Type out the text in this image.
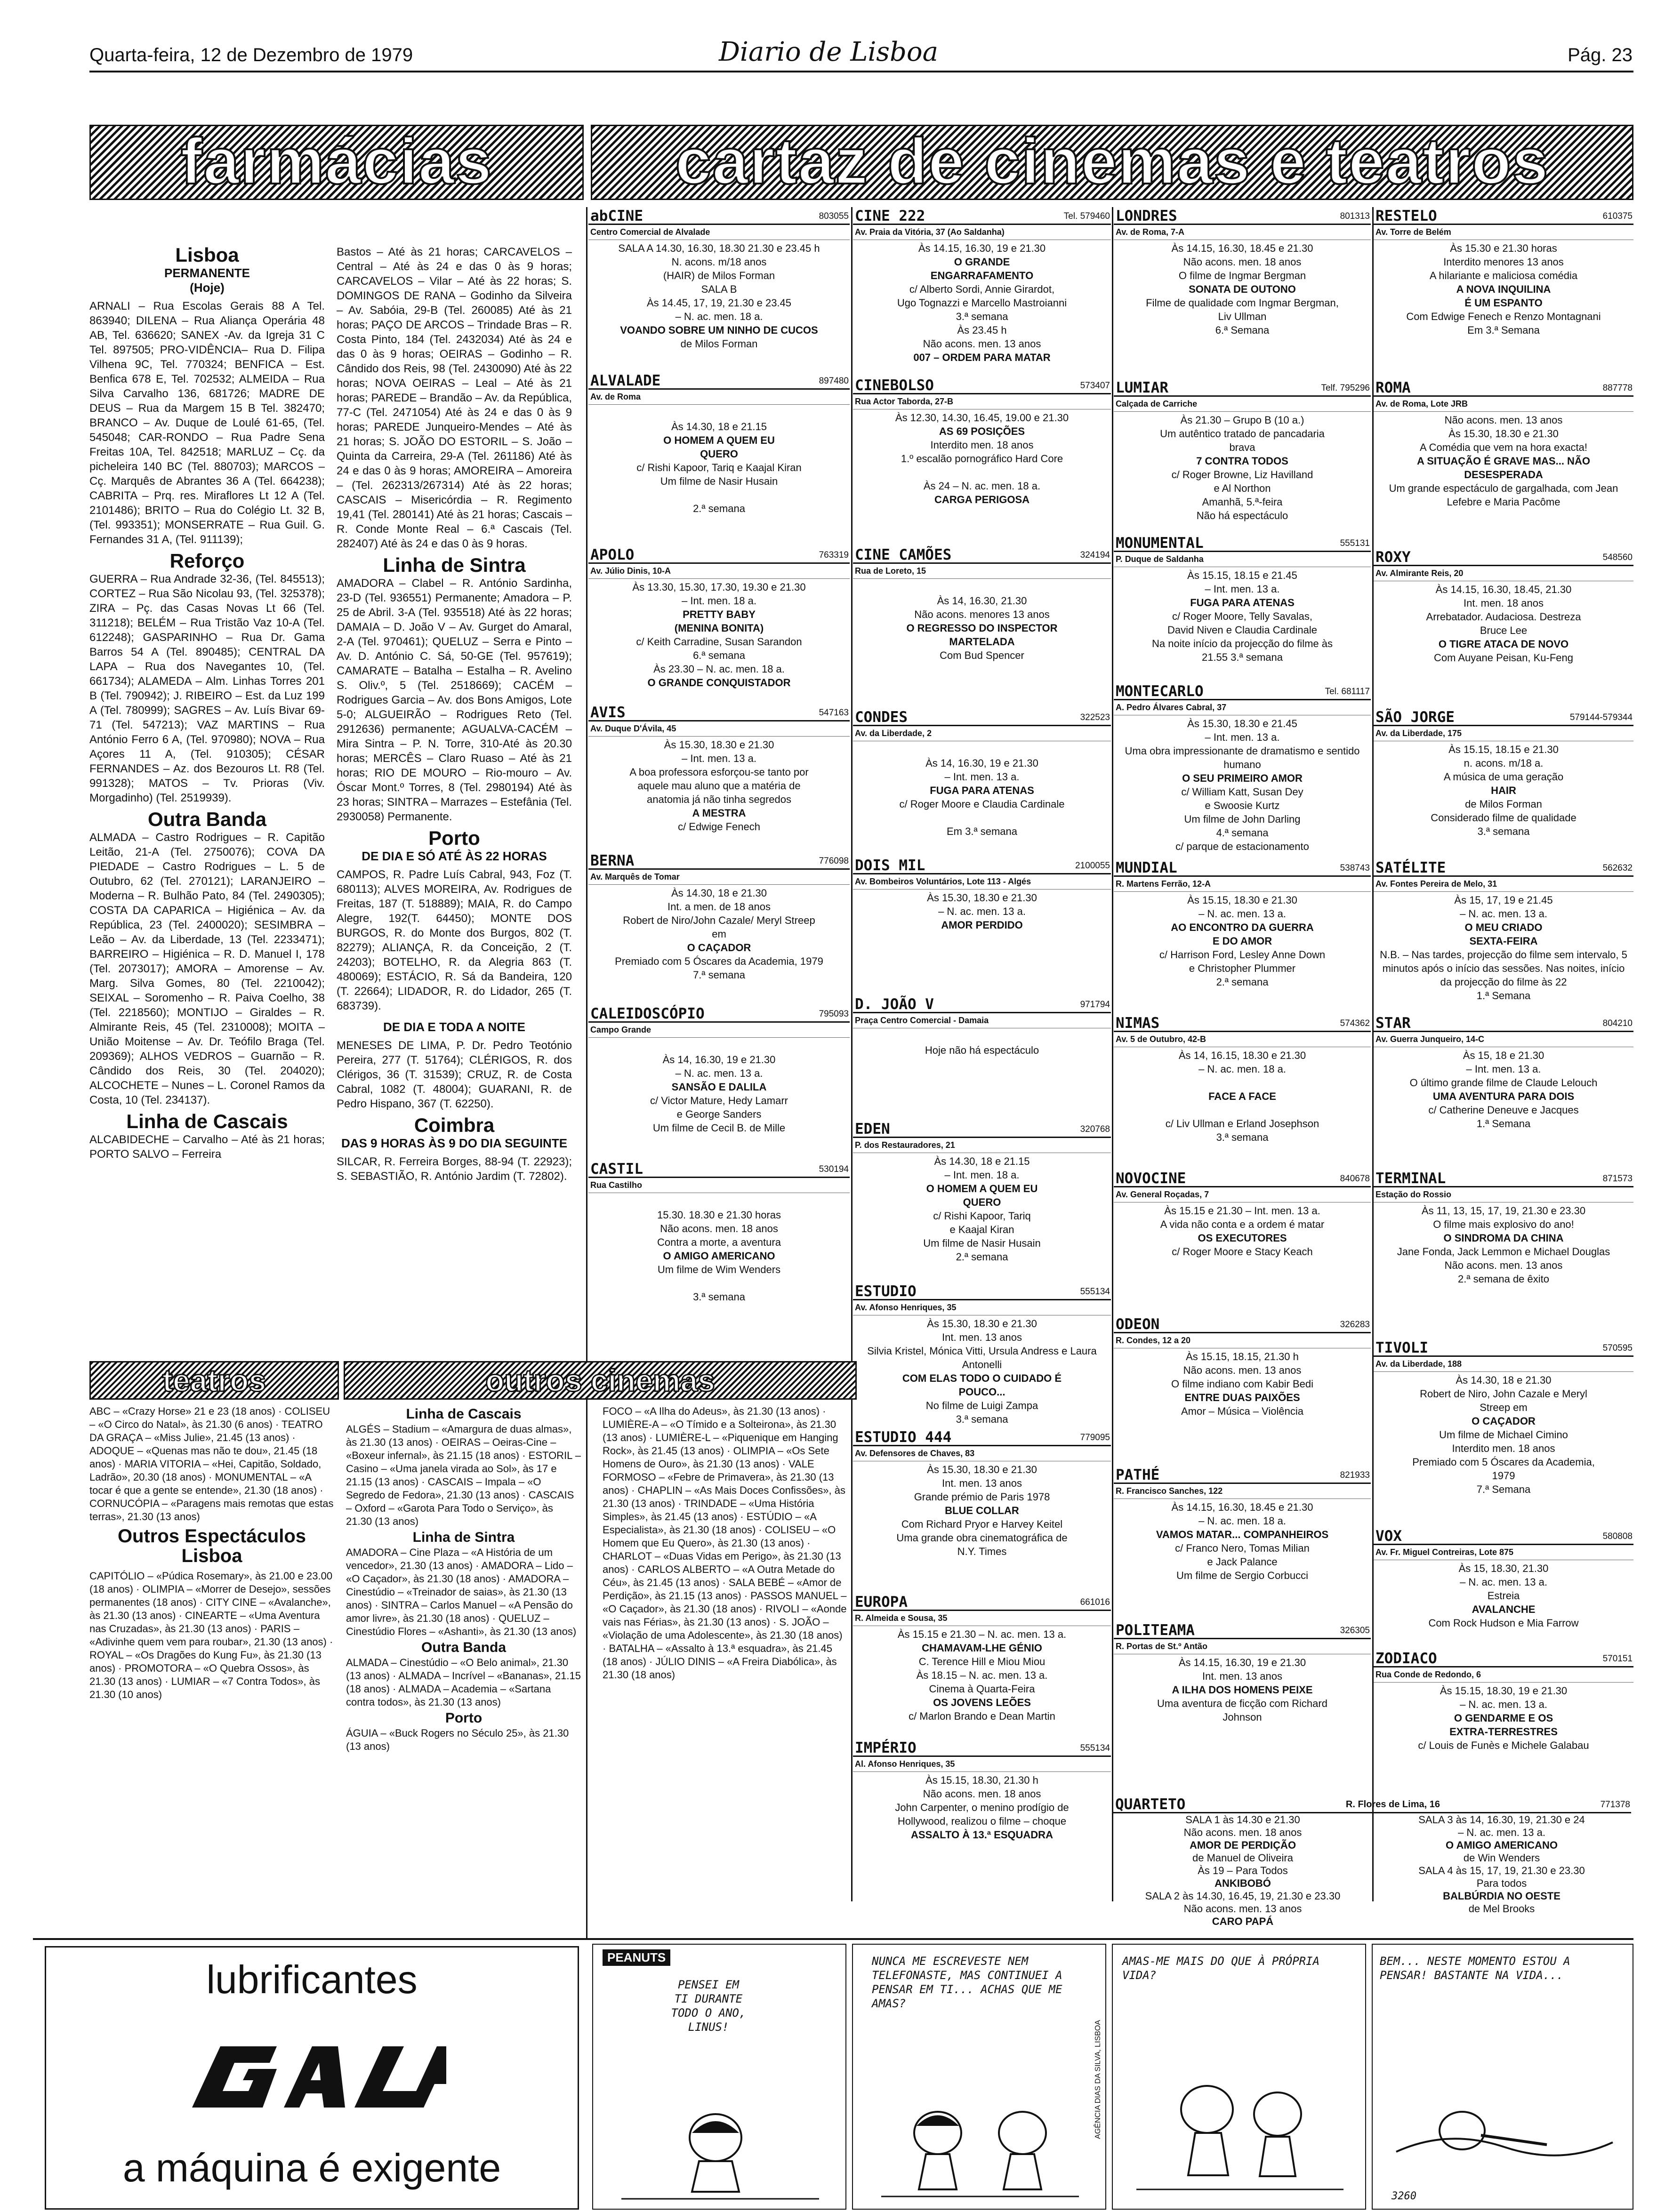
Quarta-feira, 12 de Dezembro de 1979	Diario de Lisboa	Pág. 23
farmácias	cartaz de cinemas e teatros
Lisboa
PERMANENTE
(Hoje)

ARNALI – Rua Escolas Gerais 88 A Tel. 863940; DILENA – Rua Aliança Operária 48 AB, Tel. 636620; SANEX -Av. da Igreja 31 C Tel. 897505; PRO-VIDÊNCIA– Rua D. Filipa Vilhena 9C, Tel. 770324; BENFICA – Est. Benfica 678 E, Tel. 702532; ALMEIDA – Rua Silva Carvalho 136, 681726; MADRE DE DEUS – Rua da Margem 15 B Tel. 382470; BRANCO – Av. Duque de Loulé 61-65, (Tel. 545048; CAR-RONDO – Rua Padre Sena Freitas 10A, Tel. 842518; MARLUZ – Cç. da picheleira 140 BC (Tel. 880703); MARCOS – Cç. Marquês de Abrantes 36 A (Tel. 664238); CABRITA – Prq. res. Miraflores Lt 12 A (Tel. 2101486); BRITO – Rua do Colégio Lt. 32 B, (Tel. 993351); MONSERRATE – Rua Guil. G. Fernandes 31 A, (Tel. 911139);

Reforço

GUERRA – Rua Andrade 32-36, (Tel. 845513); CORTEZ – Rua São Nicolau 93, (Tel. 325378); ZIRA – Pç. das Casas Novas Lt 66 (Tel. 311218); BELÉM – Rua Tristão Vaz 10-A (Tel. 612248); GASPARINHO – Rua Dr. Gama Barros 54 A (Tel. 890485); CENTRAL DA LAPA – Rua dos Navegantes 10, (Tel. 661734); ALAMEDA – Alm. Linhas Torres 201 B (Tel. 790942); J. RIBEIRO – Est. da Luz 199 A (Tel. 780999); SAGRES – Av. Luís Bivar 69-71 (Tel. 547213); VAZ MARTINS – Rua António Ferro 6 A, (Tel. 970980); NOVA – Rua Açores 11 A, (Tel. 910305); CÉSAR FERNANDES – Az. dos Bezouros Lt. R8 (Tel. 991328); MATOS – Tv. Prioras (Viv. Morgadinho) (Tel. 2519939).

Outra Banda

ALMADA – Castro Rodrigues – R. Capitão Leitão, 21-A (Tel. 2750076); COVA DA PIEDADE – Castro Rodrigues – L. 5 de Outubro, 62 (Tel. 270121); LARANJEIRO – Moderna – R. Bulhão Pato, 84 (Tel. 2490305); COSTA DA CAPARICA – Higiénica – Av. da República, 23 (Tel. 2400020); SESIMBRA – Leão – Av. da Liberdade, 13 (Tel. 2233471); BARREIRO – Higiénica – R. D. Manuel I, 178 (Tel. 2073017); AMORA – Amorense – Av. Marg. Silva Gomes, 80 (Tel. 2210042); SEIXAL – Soromenho – R. Paiva Coelho, 38 (Tel. 2218560); MONTIJO – Giraldes – R. Almirante Reis, 45 (Tel. 2310008); MOITA – União Moitense – Av. Dr. Teófilo Braga (Tel. 209369); ALHOS VEDROS – Guarnão – R. Cândido dos Reis, 30 (Tel. 204020); ALCOCHETE – Nunes – L. Coronel Ramos da Costa, 10 (Tel. 234137).

Linha de Cascais

ALCABIDECHE – Carvalho – Até às 21 horas; PORTO SALVO – Ferreira

Bastos – Até às 21 horas; CARCAVELOS – Central – Até às 24 e das 0 às 9 horas; CARCAVELOS – Vilar – Até às 22 horas; S. DOMINGOS DE RANA – Godinho da Silveira – Av. Sabóia, 29-B (Tel. 260085) Até às 21 horas; PAÇO DE ARCOS – Trindade Bras – R. Costa Pinto, 184 (Tel. 2432034) Até às 24 e das 0 às 9 horas; OEIRAS – Godinho – R. Cândido dos Reis, 98 (Tel. 2430090) Até às 22 horas; NOVA OEIRAS – Leal – Até às 21 horas; PAREDE – Brandão – Av. da República, 77-C (Tel. 2471054) Até às 24 e das 0 às 9 horas; PAREDE Junqueiro-Mendes – Até às 21 horas; S. JOÃO DO ESTORIL – S. João – Quinta da Carreira, 29-A (Tel. 261186) Até às 24 e das 0 às 9 horas; AMOREIRA – Amoreira – (Tel. 262313/267314) Até às 22 horas; CASCAIS – Misericórdia – R. Regimento 19,41 (Tel. 280141) Até às 21 horas; Cascais – R. Conde Monte Real – 6.ª Cascais (Tel. 282407) Até às 24 e das 0 às 9 horas.

Linha de Sintra

AMADORA – Clabel – R. António Sardinha, 23-D (Tel. 936551) Permanente; Amadora – P. 25 de Abril. 3-A (Tel. 935518) Até às 22 horas; DAMAIA – D. João V – Av. Gurget do Amaral, 2-A (Tel. 970461); QUELUZ – Serra e Pinto – Av. D. António C. Sá, 50-GE (Tel. 957619); CAMARATE – Batalha – Estalha – R. Avelino S. Oliv.º, 5 (Tel. 2518669); CACÉM – Rodrigues Garcia – Av. dos Bons Amigos, Lote 5-0; ALGUEIRÃO – Rodrigues Reto (Tel. 2912636) permanente; AGUALVA-CACÉM – Mira Sintra – P. N. Torre, 310-Até às 20.30 horas; MERCÊS – Claro Ruaso – Até às 21 horas; RIO DE MOURO – Rio-mouro – Av. Óscar Mont.º Torres, 8 (Tel. 2980194) Até às 23 horas; SINTRA – Marrazes – Estefânia (Tel. 2930058) Permanente.

Porto
DE DIA E SÓ ATÉ ÀS 22 HORAS

CAMPOS, R. Padre Luís Cabral, 943, Foz (T. 680113); ALVES MOREIRA, Av. Rodrigues de Freitas, 187 (T. 518889); MAIA, R. do Campo Alegre, 192(T. 64450); MONTE DOS BURGOS, R. do Monte dos Burgos, 802 (T. 82279); ALIANÇA, R. da Conceição, 2 (T. 24203); BOTELHO, R. da Alegria 863 (T. 480069); ESTÁCIO, R. Sá da Bandeira, 120 (T. 22664); LIDADOR, R. do Lidador, 265 (T. 683739).

DE DIA E TODA A NOITE

MENESES DE LIMA, P. Dr. Pedro Teotónio Pereira, 277 (T. 51764); CLÉRIGOS, R. dos Clérigos, 36 (T. 31539); CRUZ, R. de Costa Cabral, 1082 (T. 48004); GUARANI, R. de Pedro Hispano, 367 (T. 62250).

Coimbra
DAS 9 HORAS ÀS 9 DO DIA SEGUINTE

SILCAR, R. Ferreira Borges, 88-94 (T. 22923); S. SEBASTIÃO, R. António Jardim (T. 72802).

abCINE	803055
Centro Comercial de Alvalade
SALA A 14.30, 16.30, 18.30 21.30 e 23.45 h
N. acons. m/18 anos
(HAIR) de Milos Forman
SALA B
Às 14.45, 17, 19, 21.30 e 23.45
– N. ac. men. 18 a.
VOANDO SOBRE UM NINHO DE CUCOS
de Milos Forman
ALVALADE	897480
Av. de Roma
Às 14.30, 18 e 21.15
O HOMEM A QUEM EU
QUERO
c/ Rishi Kapoor, Tariq e Kaajal Kiran
Um filme de Nasir Husain
2.ª semana
APOLO	763319
Av. Júlio Dinis, 10-A
Às 13.30, 15.30, 17.30, 19.30 e 21.30
– Int. men. 18 a.
PRETTY BABY
(MENINA BONITA)
c/ Keith Carradine, Susan Sarandon
6.ª semana
Às 23.30 – N. ac. men. 18 a.
O GRANDE CONQUISTADOR
AVIS	547163
Av. Duque D'Ávila, 45
Às 15.30, 18.30 e 21.30
– Int. men. 13 a.
A boa professora esforçou-se tanto por
aquele mau aluno que a matéria de
anatomia já não tinha segredos
A MESTRA
c/ Edwige Fenech
BERNA	776098
Av. Marquês de Tomar
Às 14.30, 18 e 21.30
Int. a men. de 18 anos
Robert de Niro/John Cazale/ Meryl Streep
em
O CAÇADOR
Premiado com 5 Óscares da Academia, 1979
7.ª semana
CALEIDOSCÓPIO	795093
Campo Grande
Às 14, 16.30, 19 e 21.30
– N. ac. men. 13 a.
SANSÃO E DALILA
c/ Victor Mature, Hedy Lamarr
e George Sanders
Um filme de Cecil B. de Mille
CASTIL	530194
Rua Castilho
15.30. 18.30 e 21.30 horas
Não acons. men. 18 anos
Contra a morte, a aventura
O AMIGO AMERICANO
Um filme de Wim Wenders
3.ª semana
CINE 222	Tel. 579460
Av. Praia da Vitória, 37 (Ao Saldanha)
Às 14.15, 16.30, 19 e 21.30
O GRANDE
ENGARRAFAMENTO
c/ Alberto Sordi, Annie Girardot,
Ugo Tognazzi e Marcello Mastroianni
3.ª semana
Às 23.45 h
Não acons. men. 13 anos
007 – ORDEM PARA MATAR
CINEBOLSO	573407
Rua Actor Taborda, 27-B
Às 12.30, 14.30, 16.45, 19.00 e 21.30
AS 69 POSIÇÕES
Interdito men. 18 anos
1.º escalão pornográfico Hard Core
Às 24 – N. ac. men. 18 a.
CARGA PERIGOSA
CINE CAMÕES	324194
Rua de Loreto, 15
Às 14, 16.30, 21.30
Não acons. menores 13 anos
O REGRESSO DO INSPECTOR
MARTELADA
Com Bud Spencer
CONDES	322523
Av. da Liberdade, 2
Às 14, 16.30, 19 e 21.30
– Int. men. 13 a.
FUGA PARA ATENAS
c/ Roger Moore e Claudia Cardinale
Em 3.ª semana
DOIS MIL	2100055
Av. Bombeiros Voluntários, Lote 113 - Algés
Às 15.30, 18.30 e 21.30
– N. ac. men. 13 a.
AMOR PERDIDO
D. JOÃO V	971794
Praça Centro Comercial - Damaia
Hoje não há espectáculo
EDEN	320768
P. dos Restauradores, 21
Às 14.30, 18 e 21.15
– Int. men. 18 a.
O HOMEM A QUEM EU
QUERO
c/ Rishi Kapoor, Tariq
e Kaajal Kiran
Um filme de Nasir Husain
2.ª semana
ESTUDIO	555134
Av. Afonso Henriques, 35
Às 15.30, 18.30 e 21.30
Int. men. 13 anos
Silvia Kristel, Mónica Vitti, Ursula Andress e Laura Antonelli
COM ELAS TODO O CUIDADO É
POUCO...
No filme de Luigi Zampa
3.ª semana
ESTUDIO 444	779095
Av. Defensores de Chaves, 83
Às 15.30, 18.30 e 21.30
Int. men. 13 anos
Grande prémio de Paris 1978
BLUE COLLAR
Com Richard Pryor e Harvey Keitel
Uma grande obra cinematográfica de
N.Y. Times
EUROPA	661016
R. Almeida e Sousa, 35
Às 15.15 e 21.30 – N. ac. men. 13 a.
CHAMAVAM-LHE GÉNIO
C. Terence Hill e Miou Miou
Às 18.15 – N. ac. men. 13 a.
Cinema à Quarta-Feira
OS JOVENS LEÕES
c/ Marlon Brando e Dean Martin
IMPÉRIO	555134
Al. Afonso Henriques, 35
Às 15.15, 18.30, 21.30 h
Não acons. men. 18 anos
John Carpenter, o menino prodígio de
Hollywood, realizou o filme – choque
ASSALTO À 13.ª ESQUADRA
LONDRES	801313
Av. de Roma, 7-A
Às 14.15, 16.30, 18.45 e 21.30
Não acons. men. 18 anos
O filme de Ingmar Bergman
SONATA DE OUTONO
Filme de qualidade com Ingmar Bergman,
Liv Ullman
6.ª Semana
LUMIAR	Telf. 795296
Calçada de Carriche
Às 21.30 – Grupo B (10 a.)
Um autêntico tratado de pancadaria
brava
7 CONTRA TODOS
c/ Roger Browne, Liz Havilland
e Al Northon
Amanhã, 5.ª-feira
Não há espectáculo
MONUMENTAL	555131
P. Duque de Saldanha
Às 15.15, 18.15 e 21.45
– Int. men. 13 a.
FUGA PARA ATENAS
c/ Roger Moore, Telly Savalas,
David Niven e Claudia Cardinale
Na noite início da projecção do filme às
21.55 3.ª semana
MONTECARLO	Tel. 681117
A. Pedro Álvares Cabral, 37
Às 15.30, 18.30 e 21.45
– Int. men. 13 a.
Uma obra impressionante de dramatismo e sentido humano
O SEU PRIMEIRO AMOR
c/ William Katt, Susan Dey
e Swoosie Kurtz
Um filme de John Darling
4.ª semana
c/ parque de estacionamento
MUNDIAL	538743
R. Martens Ferrão, 12-A
Às 15.15, 18.30 e 21.30
– N. ac. men. 13 a.
AO ENCONTRO DA GUERRA
E DO AMOR
c/ Harrison Ford, Lesley Anne Down
e Christopher Plummer
2.ª semana
NIMAS	574362
Av. 5 de Outubro, 42-B
Às 14, 16.15, 18.30 e 21.30
– N. ac. men. 18 a.
FACE A FACE
c/ Liv Ullman e Erland Josephson
3.ª semana
NOVOCINE	840678
Av. General Roçadas, 7
Às 15.15 e 21.30 – Int. men. 13 a.
A vida não conta e a ordem é matar
OS EXECUTORES
c/ Roger Moore e Stacy Keach
ODEON	326283
R. Condes, 12 a 20
Às 15.15, 18.15, 21.30 h
Não acons. men. 13 anos
O filme indiano com Kabir Bedi
ENTRE DUAS PAIXÕES
Amor – Música – Violência
PATHÉ	821933
R. Francisco Sanches, 122
Às 14.15, 16.30, 18.45 e 21.30
– N. ac. men. 18 a.
VAMOS MATAR... COMPANHEIROS
c/ Franco Nero, Tomas Milian
e Jack Palance
Um filme de Sergio Corbucci
POLITEAMA	326305
R. Portas de St.º Antão
Às 14.15, 16.30, 19 e 21.30
Int. men. 13 anos
A ILHA DOS HOMENS PEIXE
Uma aventura de ficção com Richard
Johnson
RESTELO	610375
Av. Torre de Belém
Às 15.30 e 21.30 horas
Interdito menores 13 anos
A hilariante e maliciosa comédia
A NOVA INQUILINA
É UM ESPANTO
Com Edwige Fenech e Renzo Montagnani
Em 3.ª Semana
ROMA	887778
Av. de Roma, Lote JRB
Não acons. men. 13 anos
Às 15.30, 18.30 e 21.30
A Comédia que vem na hora exacta!
A SITUAÇÃO É GRAVE MAS... NÃO
DESESPERADA
Um grande espectáculo de gargalhada, com Jean Lefebre e Maria Pacôme
ROXY	548560
Av. Almirante Reis, 20
Às 14.15, 16.30, 18.45, 21.30
Int. men. 18 anos
Arrebatador. Audaciosa. Destreza
Bruce Lee
O TIGRE ATACA DE NOVO
Com Auyane Peisan, Ku-Feng
SÃO JORGE	579144-579344
Av. da Liberdade, 175
Às 15.15, 18.15 e 21.30
n. acons. m/18 a.
A música de uma geração
HAIR
de Milos Forman
Considerado filme de qualidade
3.ª semana
SATÉLITE	562632
Av. Fontes Pereira de Melo, 31
Às 15, 17, 19 e 21.45
– N. ac. men. 13 a.
O MEU CRIADO
SEXTA-FEIRA
N.B. – Nas tardes, projecção do filme sem intervalo, 5 minutos após o início das sessões. Nas noites, início da projecção do filme às 22
1.ª Semana
STAR	804210
Av. Guerra Junqueiro, 14-C
Às 15, 18 e 21.30
– Int. men. 13 a.
O último grande filme de Claude Lelouch
UMA AVENTURA PARA DOIS
c/ Catherine Deneuve e Jacques
1.ª Semana
TERMINAL	871573
Estação do Rossio
Às 11, 13, 15, 17, 19, 21.30 e 23.30
O filme mais explosivo do ano!
O SINDROMA DA CHINA
Jane Fonda, Jack Lemmon e Michael Douglas
Não acons. men. 13 anos
2.ª semana de êxito
TIVOLI	570595
Av. da Liberdade, 188
Às 14.30, 18 e 21.30
Robert de Niro, John Cazale e Meryl
Streep em
O CAÇADOR
Um filme de Michael Cimino
Interdito men. 18 anos
Premiado com 5 Óscares da Academia,
1979
7.ª Semana
VOX	580808
Av. Fr. Miguel Contreiras, Lote 875
Às 15, 18.30, 21.30
– N. ac. men. 13 a.
Estreia
AVALANCHE
Com Rock Hudson e Mia Farrow
ZODIACO	570151
Rua Conde de Redondo, 6
Às 15.15, 18.30, 19 e 21.30
– N. ac. men. 13 a.
O GENDARME E OS
EXTRA-TERRESTRES
c/ Louis de Funès e Michele Galabau
QUARTETO	R. Flores de Lima, 16	771378
SALA 1 às 14.30 e 21.30
Não acons. men. 18 anos
AMOR DE PERDIÇÃO
de Manuel de Oliveira
Às 19 – Para Todos
ANKIBOBÓ
SALA 2 às 14.30, 16.45, 19, 21.30 e 23.30
Não acons. men. 13 anos
CARO PAPÁ
SALA 3 às 14, 16.30, 19, 21.30 e 24
– N. ac. men. 13 a.
O AMIGO AMERICANO
de Win Wenders
SALA 4 às 15, 17, 19, 21.30 e 23.30
Para todos
BALBÚRDIA NO OESTE
de Mel Brooks
teatros	outros cinemas

ABC – «Crazy Horse» 21 e 23 (18 anos) · COLISEU – «O Circo do Natal», às 21.30 (6 anos) · TEATRO DA GRAÇA – «Miss Julie», 21.45 (13 anos) · ADOQUE – «Quenas mas não te dou», 21.45 (18 anos) · MARIA VITORIA – «Hei, Capitão, Soldado, Ladrão», 20.30 (18 anos) · MONUMENTAL – «A tocar é que a gente se entende», 21.30 (18 anos) · CORNUCÓPIA – «Paragens mais remotas que estas terras», 21.30 (13 anos)

Outros Espectáculos Lisboa

CAPITÓLIO – «Púdica Rosemary», às 21.00 e 23.00 (18 anos) · OLIMPIA – «Morrer de Desejo», sessões permanentes (18 anos) · CITY CINE – «Avalanche», às 21.30 (13 anos) · CINEARTE – «Uma Aventura nas Cruzadas», às 21.30 (13 anos) · PARIS – «Adivinhe quem vem para roubar», 21.30 (13 anos) · ROYAL – «Os Dragões do Kung Fu», às 21.30 (13 anos) · PROMOTORA – «O Quebra Ossos», às 21.30 (13 anos) · LUMIAR – «7 Contra Todos», às 21.30 (10 anos)

Linha de Cascais

ALGÉS – Stadium – «Amargura de duas almas», às 21.30 (13 anos) · OEIRAS – Oeiras-Cine – «Boxeur infernal», às 21.15 (18 anos) · ESTORIL – Casino – «Uma janela virada ao Sol», às 17 e 21.15 (13 anos) · CASCAIS – Impala – «O Segredo de Fedora», 21.30 (13 anos) · CASCAIS – Oxford – «Garota Para Todo o Serviço», às 21.30 (13 anos)

Linha de Sintra

AMADORA – Cine Plaza – «A História de um vencedor», 21.30 (13 anos) · AMADORA – Lido – «O Caçador», às 21.30 (18 anos) · AMADORA – Cinestúdio – «Treinador de saias», às 21.30 (13 anos) · SINTRA – Carlos Manuel – «A Pensão do amor livre», às 21.30 (18 anos) · QUELUZ – Cinestúdio Flores – «Ashanti», às 21.30 (13 anos)

Outra Banda

ALMADA – Cinestúdio – «O Belo animal», 21.30 (13 anos) · ALMADA – Incrível – «Bananas», 21.15 (18 anos) · ALMADA – Academia – «Sartana contra todos», às 21.30 (13 anos)

Porto

ÁGUIA – «Buck Rogers no Século 25», às 21.30 (13 anos)

FOCO – «A Ilha do Adeus», às 21.30 (13 anos) · LUMIÈRE-A – «O Tímido e a Solteirona», às 21.30 (13 anos) · LUMIÈRE-L – «Piquenique em Hanging Rock», às 21.45 (13 anos) · OLIMPIA – «Os Sete Homens de Ouro», às 21.30 (13 anos) · VALE FORMOSO – «Febre de Primavera», às 21.30 (13 anos) · CHAPLIN – «As Mais Doces Confissões», às 21.30 (13 anos) · TRINDADE – «Uma História Simples», às 21.45 (13 anos) · ESTÚDIO – «A Especialista», às 21.30 (18 anos) · COLISEU – «O Homem que Eu Quero», às 21.30 (13 anos) · CHARLOT – «Duas Vidas em Perigo», às 21.30 (13 anos) · CARLOS ALBERTO – «A Outra Metade do Céu», às 21.45 (13 anos) · SALA BEBÉ – «Amor de Perdição», às 21.15 (13 anos) · PASSOS MANUEL – «O Caçador», às 21.30 (18 anos) · RIVOLI – «Aonde vais nas Férias», às 21.30 (13 anos) · S. JOÃO – «Violação de uma Adolescente», às 21.30 (18 anos) · BATALHA – «Assalto à 13.ª esquadra», às 21.45 (18 anos) · JÚLIO DINIS – «A Freira Diabólica», às 21.30 (18 anos)

lubrificantes
GALP
a máquina é exigente
PEANUTS
PENSEI EM TI DURANTE TODO O ANO, LINUS!
NUNCA ME ESCREVESTE NEM TELEFONASTE, MAS CONTINUEI A PENSAR EM TI... ACHAS QUE ME AMAS?
AGÊNCIA DIAS DA SILVA, LISBOA
AMAS-ME MAIS DO QUE À PRÓPRIA VIDA?
BEM... NESTE MOMENTO ESTOU A PENSAR! BASTANTE NA VIDA...
3260
